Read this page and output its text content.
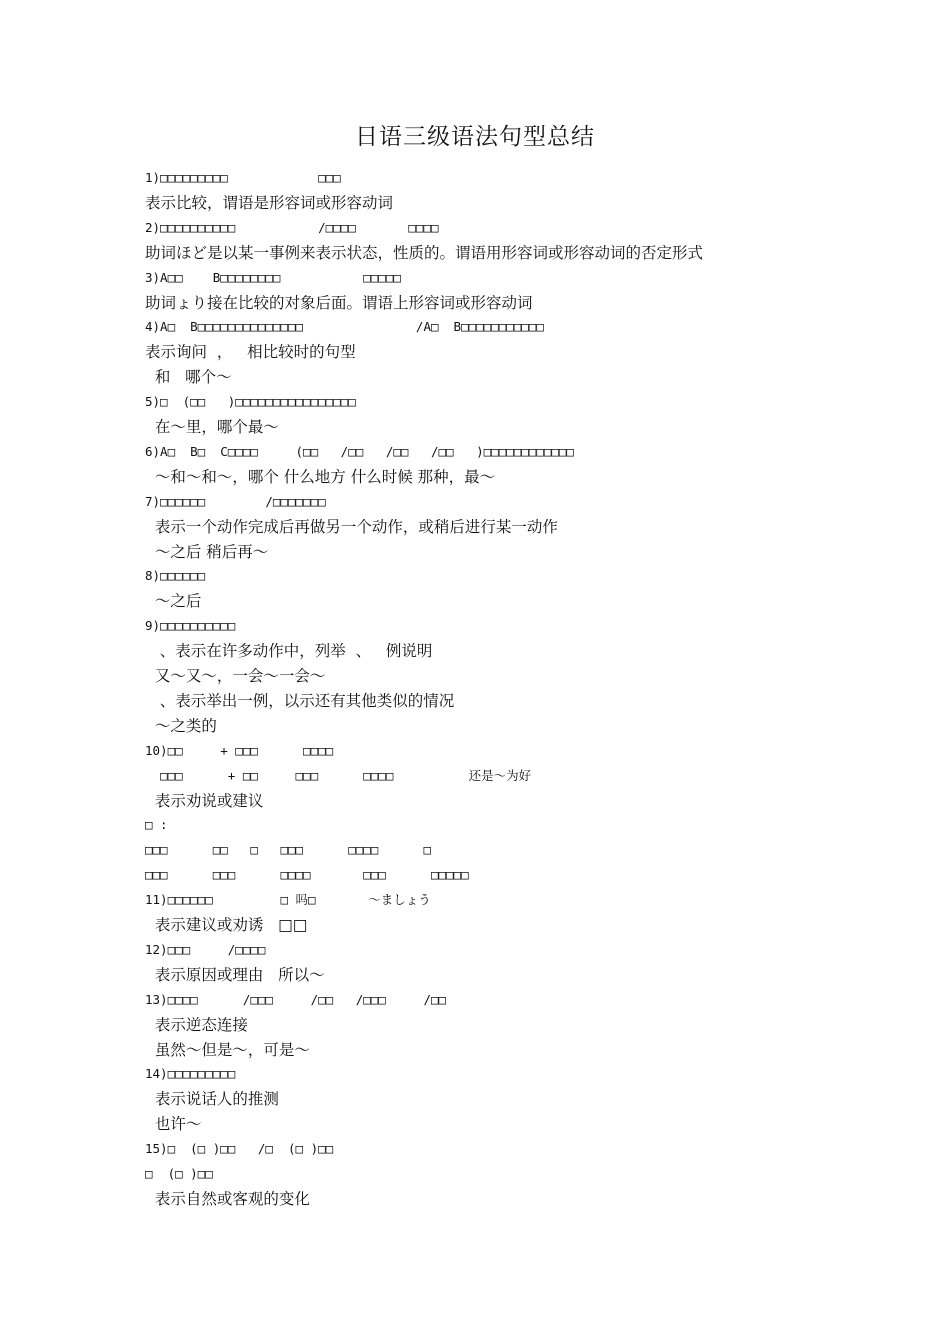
日语三级语法句型总结
1)□□□□□□□□□            □□□
表示比较，谓语是形容词或形容动词
2)□□□□□□□□□□           /□□□□       □□□□
助词ほど是以某一事例来表示状态，性质的。谓语用形容词或形容动词的否定形式
3)A□□    B□□□□□□□□           □□□□□
助词ょり接在比较的对象后面。谓语上形容词或形容动词
4)A□  B□□□□□□□□□□□□□□               /A□  B□□□□□□□□□□□
表示询问  ，   相比较时的句型
和   哪个～
5)□  (□□   )□□□□□□□□□□□□□□□□
在～里，哪个最～
6)A□  B□  C□□□□     (□□   /□□   /□□   /□□   )□□□□□□□□□□□□
～和～和～，哪个 什么地方 什么时候 那种，最～
7)□□□□□□        /□□□□□□□
表示一个动作完成后再做另一个动作，或稍后进行某一动作
～之后 稍后再～
8)□□□□□□
～之后
9)□□□□□□□□□□
、表示在许多动作中，列举  、   例说明
又～又～，一会～一会～
、表示举出一例，以示还有其他类似的情况
～之类的
10)□□     + □□□      □□□□
□□□      + □□     □□□      □□□□          还是～为好
表示劝说或建议
□ :
□□□      □□   □   □□□      □□□□      □
□□□      □□□      □□□□       □□□      □□□□□
11)□□□□□□         □ 吗□       ～ましょう
表示建议或劝诱   □□
12)□□□     /□□□□
表示原因或理由   所以～
13)□□□□      /□□□     /□□   /□□□     /□□
表示逆态连接
虽然～但是～，可是～
14)□□□□□□□□□
表示说话人的推测
也许～
15)□  (□ )□□   /□  (□ )□□
□  (□ )□□
表示自然或客观的变化
